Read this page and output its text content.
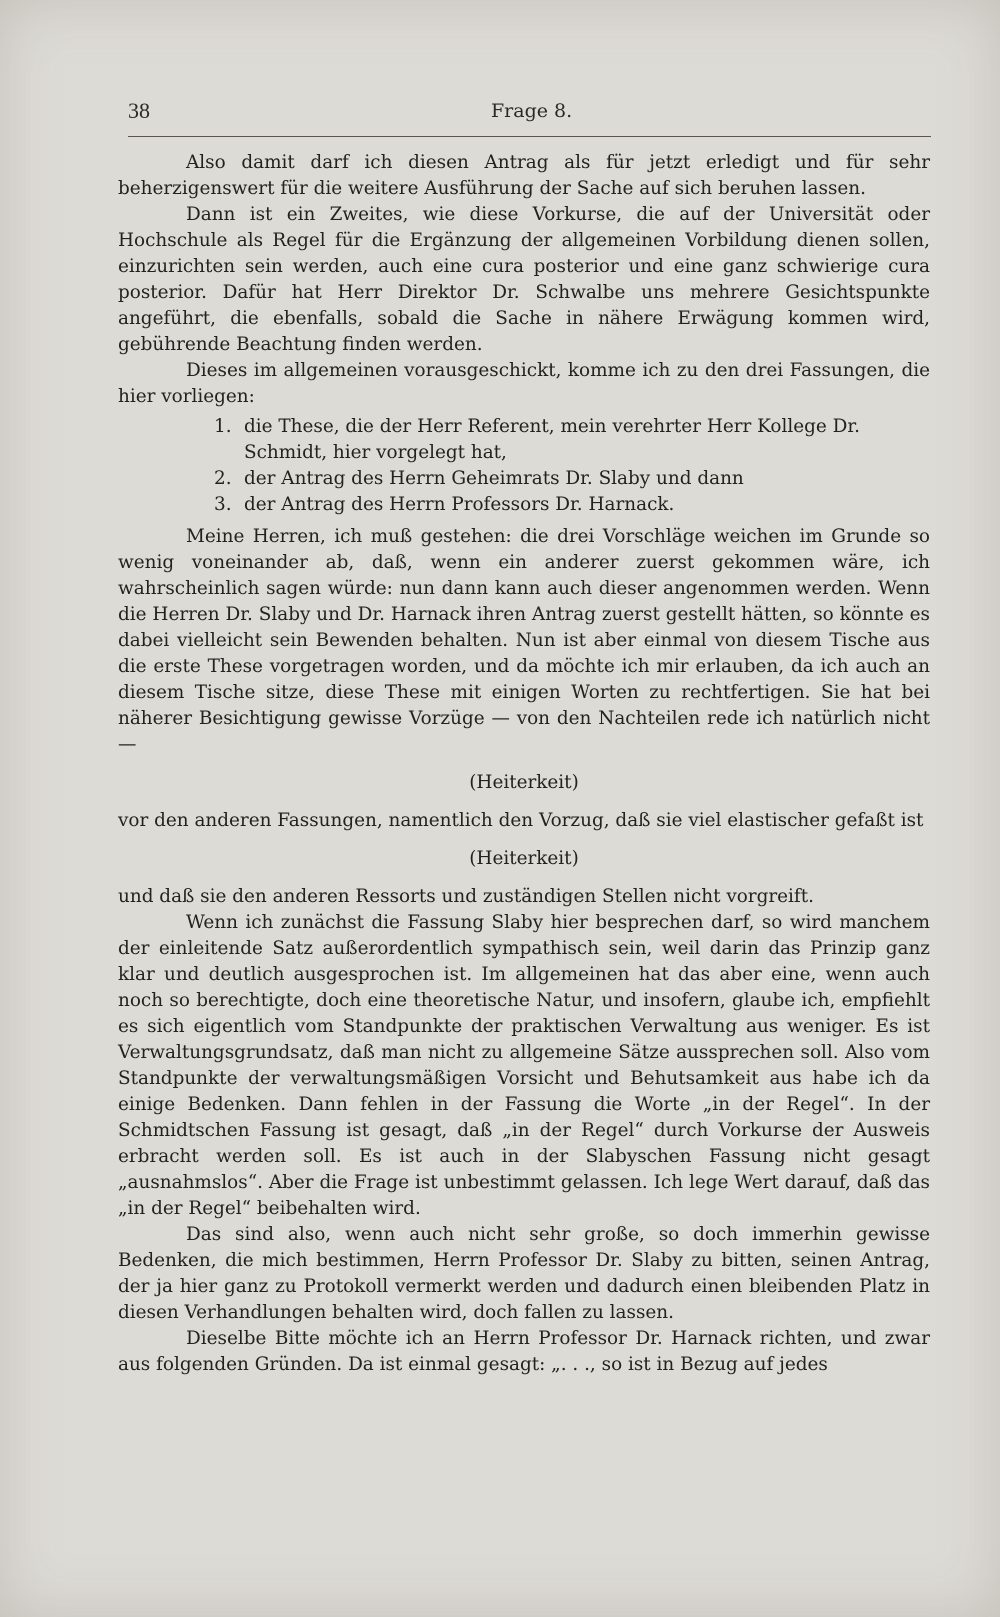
38	Frage 8.

Also damit darf ich diesen Antrag als für jetzt erledigt und für sehr beherzigenswert für die weitere Ausführung der Sache auf sich beruhen lassen.

Dann ist ein Zweites, wie diese Vorkurse, die auf der Universität oder Hochschule als Regel für die Ergänzung der allgemeinen Vorbildung dienen sollen, einzurichten sein werden, auch eine cura posterior und eine ganz schwierige cura posterior. Dafür hat Herr Direktor Dr. Schwalbe uns mehrere Gesichtspunkte angeführt, die ebenfalls, sobald die Sache in nähere Erwägung kommen wird, gebührende Beachtung finden werden.

Dieses im allgemeinen vorausgeschickt, komme ich zu den drei Fassungen, die hier vorliegen:

1. die These, die der Herr Referent, mein verehrter Herr Kollege Dr. Schmidt, hier vorgelegt hat,
2. der Antrag des Herrn Geheimrats Dr. Slaby und dann
3. der Antrag des Herrn Professors Dr. Harnack.

Meine Herren, ich muß gestehen: die drei Vorschläge weichen im Grunde so wenig voneinander ab, daß, wenn ein anderer zuerst gekommen wäre, ich wahrscheinlich sagen würde: nun dann kann auch dieser angenommen werden. Wenn die Herren Dr. Slaby und Dr. Harnack ihren Antrag zuerst gestellt hätten, so könnte es dabei vielleicht sein Bewenden behalten. Nun ist aber einmal von diesem Tische aus die erste These vorgetragen worden, und da möchte ich mir erlauben, da ich auch an diesem Tische sitze, diese These mit einigen Worten zu rechtfertigen. Sie hat bei näherer Besichtigung gewisse Vorzüge — von den Nachteilen rede ich natürlich nicht —

(Heiterkeit)

vor den anderen Fassungen, namentlich den Vorzug, daß sie viel elastischer gefaßt ist

(Heiterkeit)

und daß sie den anderen Ressorts und zuständigen Stellen nicht vorgreift.

Wenn ich zunächst die Fassung Slaby hier besprechen darf, so wird manchem der einleitende Satz außerordentlich sympathisch sein, weil darin das Prinzip ganz klar und deutlich ausgesprochen ist. Im allgemeinen hat das aber eine, wenn auch noch so berechtigte, doch eine theoretische Natur, und insofern, glaube ich, empfiehlt es sich eigentlich vom Standpunkte der praktischen Verwaltung aus weniger. Es ist Verwaltungsgrundsatz, daß man nicht zu allgemeine Sätze aussprechen soll. Also vom Standpunkte der verwaltungsmäßigen Vorsicht und Behutsamkeit aus habe ich da einige Bedenken. Dann fehlen in der Fassung die Worte „in der Regel“. In der Schmidtschen Fassung ist gesagt, daß „in der Regel“ durch Vorkurse der Ausweis erbracht werden soll. Es ist auch in der Slabyschen Fassung nicht gesagt „ausnahmslos“. Aber die Frage ist unbestimmt gelassen. Ich lege Wert darauf, daß das „in der Regel“ beibehalten wird.

Das sind also, wenn auch nicht sehr große, so doch immerhin gewisse Bedenken, die mich bestimmen, Herrn Professor Dr. Slaby zu bitten, seinen Antrag, der ja hier ganz zu Protokoll vermerkt werden und dadurch einen bleibenden Platz in diesen Verhandlungen behalten wird, doch fallen zu lassen.

Dieselbe Bitte möchte ich an Herrn Professor Dr. Harnack richten, und zwar aus folgenden Gründen. Da ist einmal gesagt: „. . ., so ist in Bezug auf jedes
